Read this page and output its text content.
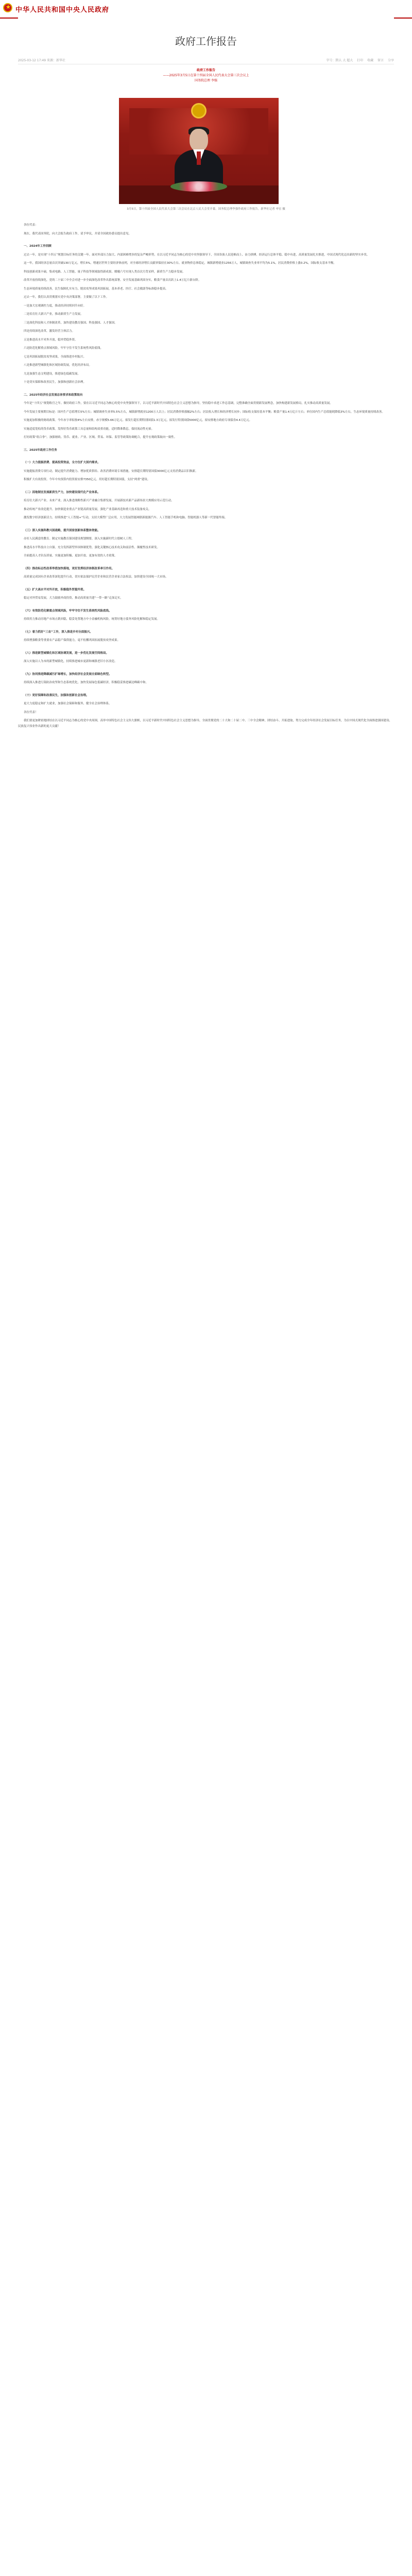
★
中华人民共和国中央人民政府
政府工作报告
2025-03-12 17:49 来源：新华社	字号：默认 大 超大 打印 收藏 留言 分享
政府工作报告
——2025年3月5日在第十四届全国人民代表大会第三次会议上
国务院总理 李强
3月5日，第十四届全国人民代表大会第三次会议在北京人民大会堂开幕。国务院总理李强作政府工作报告。新华社记者 申宏 摄

各位代表：

现在，我代表国务院，向大会报告政府工作，请予审议，并请全国政协委员提出意见。

一、2024年工作回顾

过去一年，是实现“十四五”规划目标任务的关键一年。面对外部压力加大、内部困难增多的复杂严峻形势，在以习近平同志为核心的党中央坚强领导下，全国各族人民迎难而上、奋力拼搏，经济运行总体平稳、稳中有进，高质量发展扎实推进，中国式现代化迈出新的坚实步伐。

这一年，我国经济总量首次突破130万亿元，增长5%，增速居世界主要经济体前列，对全球经济增长贡献率保持在30%左右。就业物价总体稳定，城镇新增就业1256万人，城镇调查失业率平均为5.1%，居民消费价格上涨0.2%，国际收支基本平衡。

科技创新成果丰硕，集成电路、人工智能、量子科技等领域取得新成果。嫦娥六号实现人类首次月背采样，新质生产力稳步发展。

改革开放持续深化，党的二十届三中全会对进一步全面深化改革作出系统部署。安全发展基础巩固夯实，粮食产量首次跃上1.4万亿斤新台阶。

生态环境质量持续改善，民生保障扎实有力，脱贫攻坚成果巩固拓展，基本养老、医疗、社会救助等标准稳步提高。

过去一年，我们认真贯彻落实党中央决策部署，主要做了以下工作。

一是加大宏观调控力度，推动经济持续回升向好。

二是培育壮大新兴产业，推动新质生产力发展。

三是深化科技和人才体制改革，加快建设教育强国、科技强国、人才强国。

四是持续深化改革，激发经营主体活力。

五是推进高水平对外开放，稳外贸稳外资。

六是防范化解重点领域风险，牢牢守住不发生系统性风险底线。

七是巩固拓展脱贫攻坚成果，全面推进乡村振兴。

八是推进新型城镇化和区域协调发展，优化经济布局。

九是加强生态文明建设，推进绿色低碳发展。

十是切实保障和改善民生，加强和创新社会治理。

二、2025年经济社会发展总体要求和政策取向

今年是“十四五”规划收官之年。做好政府工作，要在以习近平同志为核心的党中央坚强领导下，以习近平新时代中国特色社会主义思想为指导，坚持稳中求进工作总基调，完整准确全面贯彻新发展理念，加快构建新发展格局，扎实推动高质量发展。

今年发展主要预期目标是：国内生产总值增长5%左右；城镇调查失业率5.5%左右，城镇新增就业1200万人以上；居民消费价格涨幅2%左右；居民收入增长和经济增长同步；国际收支保持基本平衡；粮食产量1.4万亿斤左右；单位国内生产总值能耗降低3%左右，生态环境质量持续改善。

实施更加积极的财政政策。今年赤字率拟按4%左右安排，赤字规模5.66万亿元。拟发行超长期特别国债1.3万亿元，拟发行特别国债5000亿元，拟安排地方政府专项债券4.4万亿元。

实施适度宽松的货币政策。发挥好货币政策工具总量和结构双重功能，适时降准降息，保持流动性充裕。

打好政策“组合拳”。加强财政、货币、就业、产业、区域、贸易、环保、监管等政策协调配合，提升宏观政策取向一致性。

三、2025年政府工作任务

（一）大力提振消费、提高投资效益，全方位扩大国内需求。

实施提振消费专项行动。制定提升消费能力、增加优质供给、改善消费环境专项措施。安排超长期特别国债3000亿元支持消费品以旧换新。

积极扩大有效投资。今年中央预算内投资拟安排7350亿元。用好超长期特别国债，支持“两重”建设。

（二）因地制宜发展新质生产力，加快建设现代化产业体系。

培育壮大新兴产业、未来产业。深入推进战略性新兴产业融合集群发展，开展新技术新产品新场景大规模应用示范行动。

推动传统产业改造提升。加快制造业重点产业链高质量发展，强化产业基础再造和重大技术装备攻关。

激发数字经济创新活力。持续推进“人工智能+”行动，支持大模型广泛应用，大力发展智能网联新能源汽车、人工智能手机和电脑、智能机器人等新一代智能终端。

（三）深入实施科教兴国战略，提升国家创新体系整体效能。

办好人民满意的教育。制定实施教育强国建设规划纲要，深入实施新时代立德树人工程。

推进高水平科技自立自强。充分发挥新型举国体制优势，强化关键核心技术攻关和前沿性、颠覆性技术研发。

全面提高人才队伍质量。实施更加积极、更加开放、更加有效的人才政策。

（四）推动标志性改革举措加快落地，更好发挥经济体制改革牵引作用。

高质量完成国有企业改革深化提升行动，切实依法保护民营企业和民营企业家合法权益，加快建设全国统一大市场。

（五）扩大高水平对外开放，积极稳外贸稳外资。

稳定对外贸易发展，大力鼓励外商投资，推动高质量共建“一带一路”走深走实。

（六）有效防范化解重点领域风险，牢牢守住不发生系统性风险底线。

持续用力推动房地产市场止跌回稳，稳妥处置地方中小金融机构风险，统筹好地方债务风险化解和稳定发展。

（七）着力抓好“三农”工作，深入推进乡村全面振兴。

持续增强粮食等重要农产品稳产保供能力，毫不松懈巩固拓展脱贫攻坚成果。

（八）推进新型城镇化和区域协调发展，进一步优化发展空间格局。

深入实施以人为本的新型城镇化，持续推进城市更新和城镇老旧小区改造。

（九）协同推进降碳减污扩绿增长，加快经济社会发展全面绿色转型。

持续深入推进污染防治攻坚和生态系统优化，加快发展绿色低碳经济，积极稳妥推进碳达峰碳中和。

（十）更好保障和改善民生，加强和创新社会治理。

更大力度稳定和扩大就业，加强社会保障和服务，健全社会治理体系。

各位代表！

我们要更加紧密地团结在以习近平同志为核心的党中央周围，高举中国特色社会主义伟大旗帜，以习近平新时代中国特色社会主义思想为指导，全面贯彻党的二十大和二十届二中、三中全会精神，团结奋斗、开拓进取，努力完成全年经济社会发展目标任务，为以中国式现代化全面推进强国建设、民族复兴伟业作出新的更大贡献！
